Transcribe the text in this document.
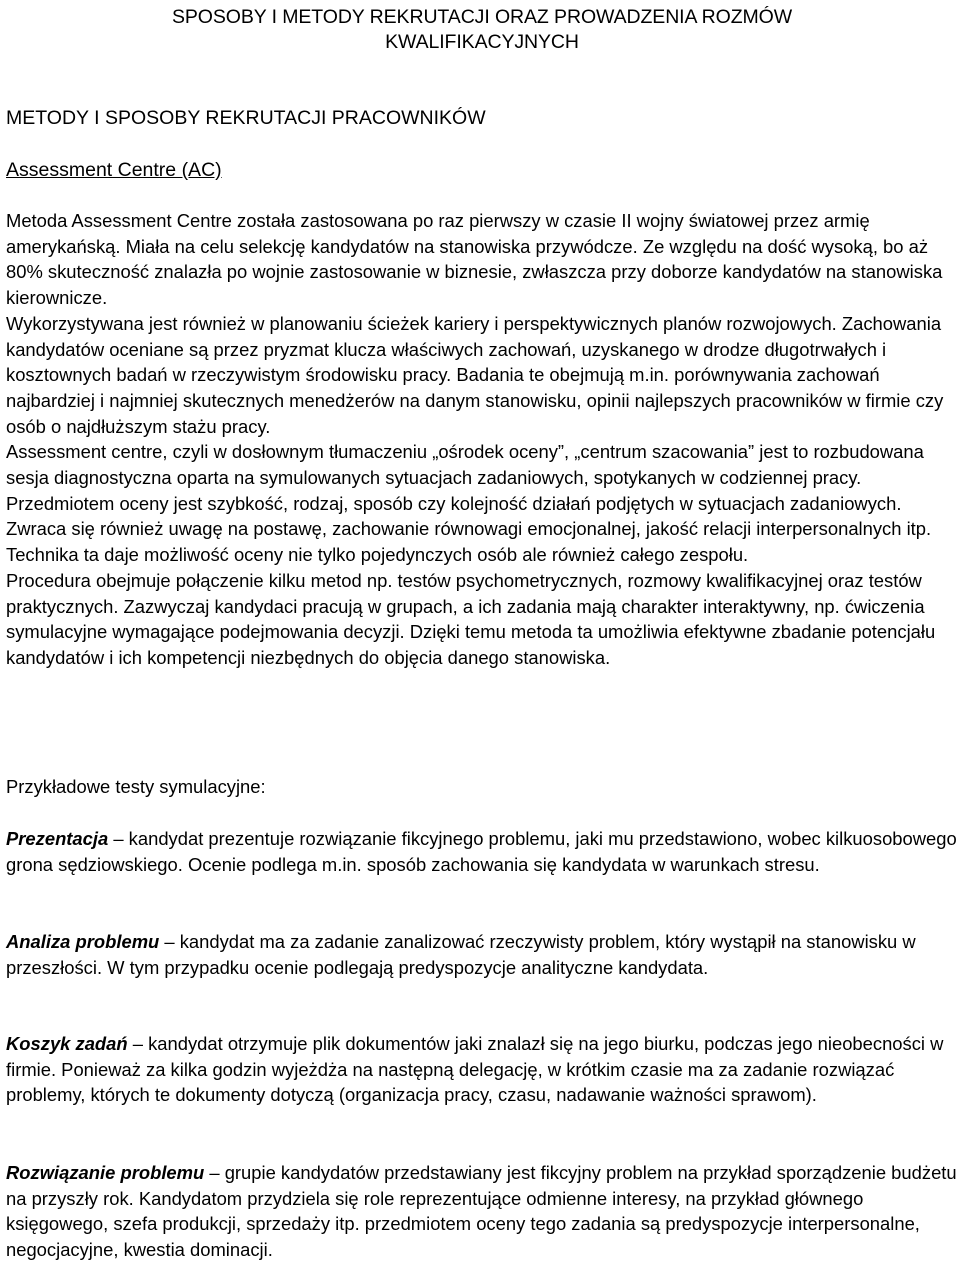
SPOSOBY I METODY REKRUTACJI ORAZ PROWADZENIA ROZMÓW
KWALIFIKACYJNYCH
METODY I SPOSOBY REKRUTACJI PRACOWNIKÓW
Assessment Centre (AC)

Metoda Assessment Centre została zastosowana po raz pierwszy w czasie II wojny światowej przez armię amerykańską. Miała na celu selekcję kandydatów na stanowiska przywódcze. Ze względu na dość wysoką, bo aż 80% skuteczność znalazła po wojnie zastosowanie w biznesie, zwłaszcza przy doborze kandydatów na stanowiska kierownicze.

Wykorzystywana jest również w planowaniu ścieżek kariery i perspektywicznych planów rozwojowych. Zachowania kandydatów oceniane są przez pryzmat klucza właściwych zachowań, uzyskanego w drodze długotrwałych i kosztownych badań w rzeczywistym środowisku pracy. Badania te obejmują m.in. porównywania zachowań najbardziej i najmniej skutecznych menedżerów na danym stanowisku, opinii najlepszych pracowników w firmie czy osób o najdłuższym stażu pracy.

Assessment centre, czyli w dosłownym tłumaczeniu „ośrodek oceny”, „centrum szacowania” jest to rozbudowana sesja diagnostyczna oparta na symulowanych sytuacjach zadaniowych, spotykanych w codziennej pracy. Przedmiotem oceny jest szybkość, rodzaj, sposób czy kolejność działań podjętych w sytuacjach zadaniowych. Zwraca się również uwagę na postawę, zachowanie równowagi emocjonalnej, jakość relacji interpersonalnych itp. Technika ta daje możliwość oceny nie tylko pojedynczych osób ale również całego zespołu.

Procedura obejmuje połączenie kilku metod np. testów psychometrycznych, rozmowy kwalifikacyjnej oraz testów praktycznych. Zazwyczaj kandydaci pracują w grupach, a ich zadania mają charakter interaktywny, np. ćwiczenia symulacyjne wymagające podejmowania decyzji. Dzięki temu metoda ta umożliwia efektywne zbadanie potencjału kandydatów i ich kompetencji niezbędnych do objęcia danego stanowiska.

Przykładowe testy symulacyjne:

Prezentacja – kandydat prezentuje rozwiązanie fikcyjnego problemu, jaki mu przedstawiono, wobec kilkuosobowego grona sędziowskiego. Ocenie podlega m.in. sposób zachowania się kandydata w warunkach stresu.

Analiza problemu – kandydat ma za zadanie zanalizować rzeczywisty problem, który wystąpił na stanowisku w przeszłości. W tym przypadku ocenie podlegają predyspozycje analityczne kandydata.

Koszyk zadań – kandydat otrzymuje plik dokumentów jaki znalazł się na jego biurku, podczas jego nieobecności w firmie. Ponieważ za kilka godzin wyjeżdża na następną delegację, w krótkim czasie ma za zadanie rozwiązać problemy, których te dokumenty dotyczą (organizacja pracy, czasu, nadawanie ważności sprawom).

Rozwiązanie problemu – grupie kandydatów przedstawiany jest fikcyjny problem na przykład sporządzenie budżetu na przyszły rok. Kandydatom przydziela się role reprezentujące odmienne interesy, na przykład głównego księgowego, szefa produkcji, sprzedaży itp. przedmiotem oceny tego zadania są predyspozycje interpersonalne, negocjacyjne, kwestia dominacji.
